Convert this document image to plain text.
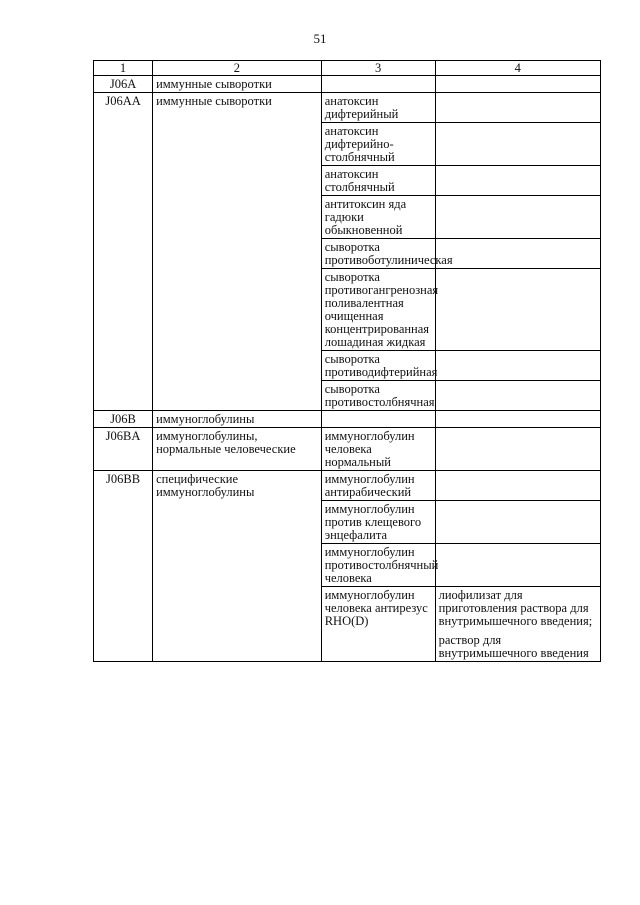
51
1	2	3	4
J06A	иммунные сыворотки		
J06AA	иммунные сыворотки	анатоксин дифтерийный	
		анатоксин дифтерийно-столбнячный	
		анатоксин столбнячный	
		антитоксин яда гадюки обыкновенной	
		сыворотка противоботулиническая	
		сыворотка противогангренозная поливалентная очищенная концентрированная лошадиная жидкая	
		сыворотка противодифтерийная	
		сыворотка противостолбнячная	
J06B	иммуноглобулины		
J06BA	иммуноглобулины, нормальные человеческие	иммуноглобулин человека нормальный	
J06BB	специфические иммуноглобулины	иммуноглобулин антирабический	
		иммуноглобулин против клещевого энцефалита	
		иммуноглобулин противостолбнячный человека	
		иммуноглобулин человека антирезус RHO(D)	лиофилизат для приготовления раствора для внутримышечного введения;
раствор для внутримышечного введения
